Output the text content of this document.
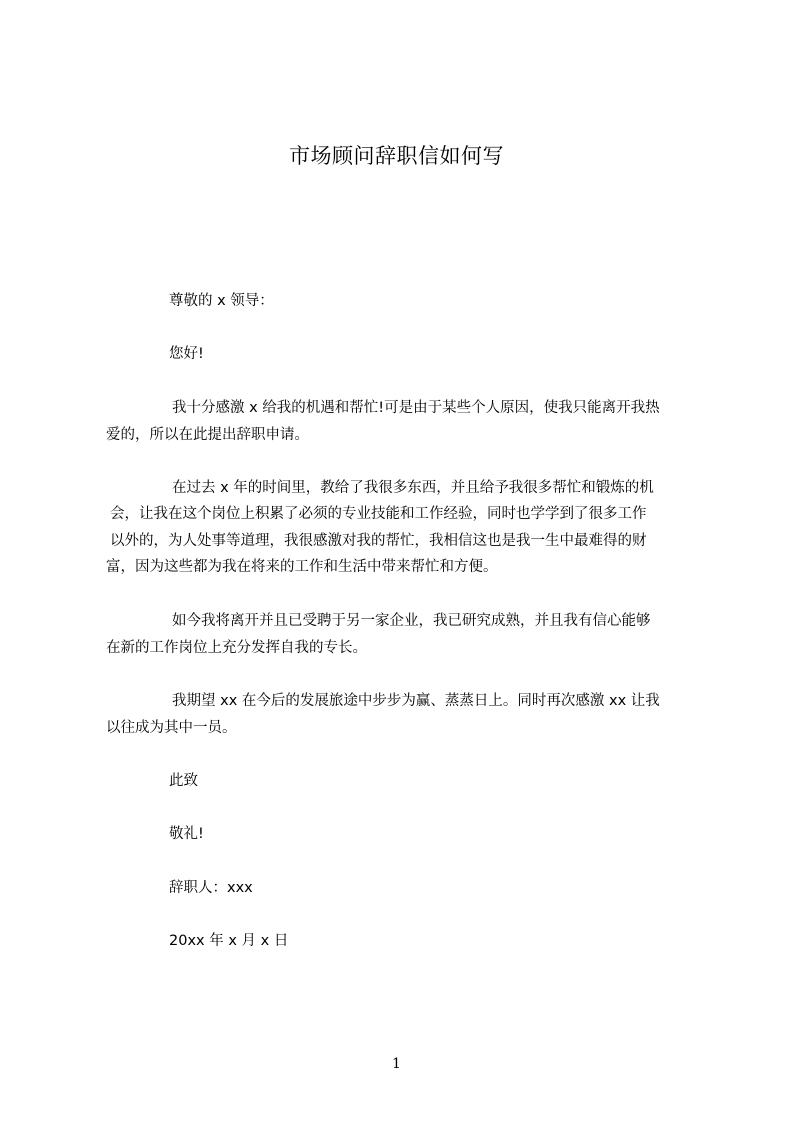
市场顾问辞职信如何写
尊敬的 x 领导：
您好!
我十分感激 x 给我的机遇和帮忙!可是由于某些个人原因，使我只能离开我热
爱的，所以在此提出辞职申请。
在过去 x 年的时间里，教给了我很多东西，并且给予我很多帮忙和锻炼的机
会，让我在这个岗位上积累了必须的专业技能和工作经验，同时也学学到了很多工作
以外的，为人处事等道理，我很感激对我的帮忙，我相信这也是我一生中最难得的财
富，因为这些都为我在将来的工作和生活中带来帮忙和方便。
如今我将离开并且已受聘于另一家企业，我已研究成熟，并且我有信心能够
在新的工作岗位上充分发挥自我的专长。
我期望 xx 在今后的发展旅途中步步为赢、蒸蒸日上。同时再次感激 xx 让我
以往成为其中一员。
此致
敬礼!
辞职人：xxx
20xx 年 x 月 x 日
1
